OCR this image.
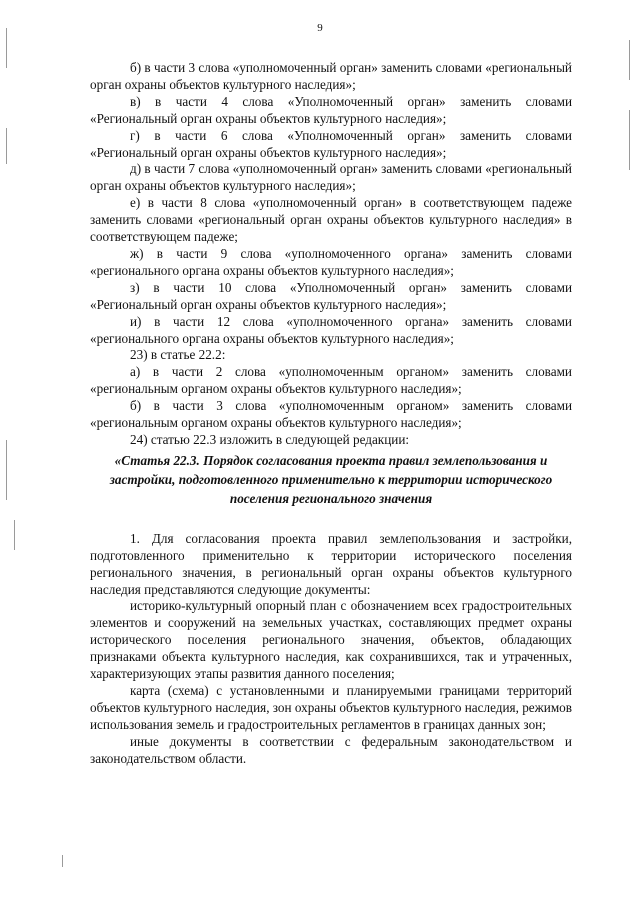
9

б) в части 3 слова «уполномоченный орган» заменить словами «региональный орган охраны объектов культурного наследия»;

в) в части 4 слова «Уполномоченный орган» заменить словами «Региональный орган охраны объектов культурного наследия»;

г) в части 6 слова «Уполномоченный орган» заменить словами «Региональный орган охраны объектов культурного наследия»;

д) в части 7 слова «уполномоченный орган» заменить словами «региональный орган охраны объектов культурного наследия»;

е) в части 8 слова «уполномоченный орган» в соответствующем падеже заменить словами «региональный орган охраны объектов культурного наследия» в соответствующем падеже;

ж) в части 9 слова «уполномоченного органа» заменить словами «регионального органа охраны объектов культурного наследия»;

з) в части 10 слова «Уполномоченный орган» заменить словами «Региональный орган охраны объектов культурного наследия»;

и) в части 12 слова «уполномоченного органа» заменить словами «регионального органа охраны объектов культурного наследия»;

23) в статье 22.2:

а) в части 2 слова «уполномоченным органом» заменить словами «региональным органом охраны объектов культурного наследия»;

б) в части 3 слова «уполномоченным органом» заменить словами «региональным органом охраны объектов культурного наследия»;

24) статью 22.3 изложить в следующей редакции:

«Статья 22.3. Порядок согласования проекта правил землепользования и застройки, подготовленного применительно к территории исторического поселения регионального значения

1. Для согласования проекта правил землепользования и застройки, подготовленного применительно к территории исторического поселения регионального значения, в региональный орган охраны объектов культурного наследия представляются следующие документы:

историко-культурный опорный план с обозначением всех градостроительных элементов и сооружений на земельных участках, составляющих предмет охраны исторического поселения регионального значения, объектов, обладающих признаками объекта культурного наследия, как сохранившихся, так и утраченных, характеризующих этапы развития данного поселения;

карта (схема) с установленными и планируемыми границами территорий объектов культурного наследия, зон охраны объектов культурного наследия, режимов использования земель и градостроительных регламентов в границах данных зон;

иные документы в соответствии с федеральным законодательством и законодательством области.
